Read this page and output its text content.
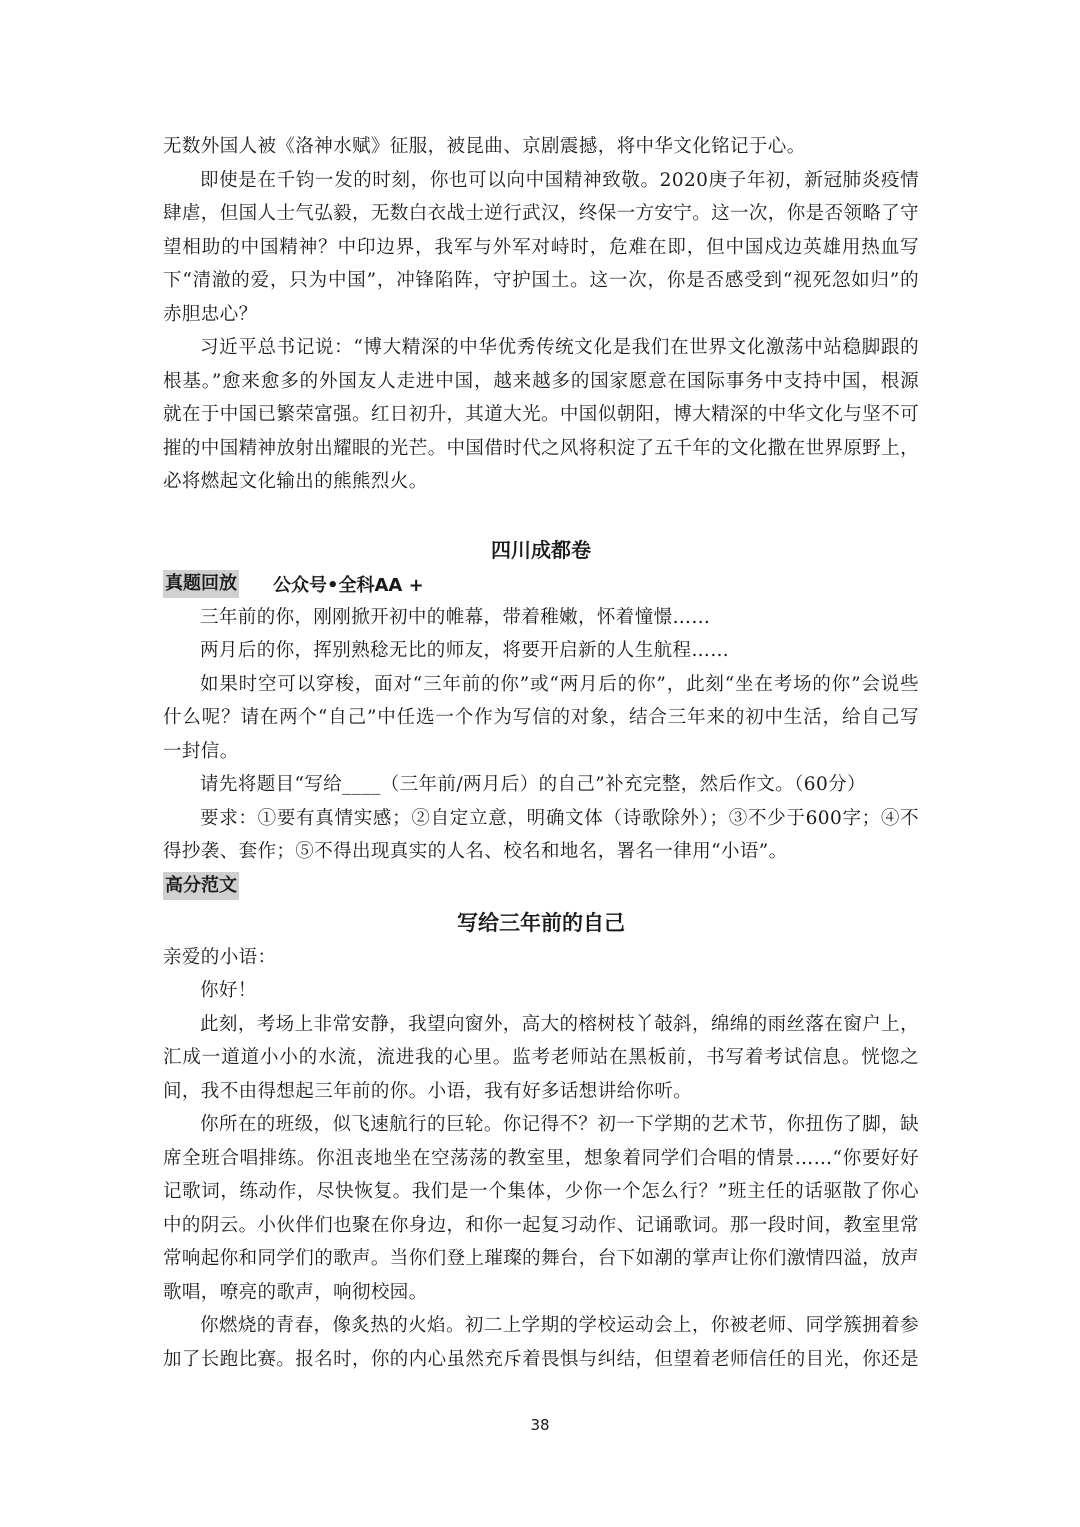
无数外国人被《洛神水赋》征服，被昆曲、京剧震撼，将中华文化铭记于心。

即使是在千钧一发的时刻，你也可以向中国精神致敬。2020庚子年初，新冠肺炎疫情肆虐，但国人士气弘毅，无数白衣战士逆行武汉，终保一方安宁。这一次，你是否领略了守望相助的中国精神？中印边界，我军与外军对峙时，危难在即，但中国戍边英雄用热血写下“清澈的爱，只为中国”，冲锋陷阵，守护国土。这一次，你是否感受到“视死忽如归”的赤胆忠心？

习近平总书记说：“博大精深的中华优秀传统文化是我们在世界文化激荡中站稳脚跟的根基。”愈来愈多的外国友人走进中国，越来越多的国家愿意在国际事务中支持中国，根源就在于中国已繁荣富强。红日初升，其道大光。中国似朝阳，博大精深的中华文化与坚不可摧的中国精神放射出耀眼的光芒。中国借时代之风将积淀了五千年的文化撒在世界原野上，必将燃起文化输出的熊熊烈火。

四川成都卷
真题回放 公众号•全科AA +

三年前的你，刚刚掀开初中的帷幕，带着稚嫩，怀着憧憬……

两月后的你，挥别熟稔无比的师友，将要开启新的人生航程……

如果时空可以穿梭，面对“三年前的你”或“两月后的你”，此刻“坐在考场的你”会说些什么呢？请在两个“自己”中任选一个作为写信的对象，结合三年来的初中生活，给自己写一封信。

请先将题目“写给____（三年前/两月后）的自己”补充完整，然后作文。（60分）

要求：①要有真情实感；②自定立意，明确文体（诗歌除外）；③不少于600字；④不得抄袭、套作；⑤不得出现真实的人名、校名和地名，署名一律用“小语”。

高分范文
写给三年前的自己

亲爱的小语：

你好！

此刻，考场上非常安静，我望向窗外，高大的榕树枝丫攲斜，绵绵的雨丝落在窗户上，汇成一道道小小的水流，流进我的心里。监考老师站在黑板前，书写着考试信息。恍惚之间，我不由得想起三年前的你。小语，我有好多话想讲给你听。

你所在的班级，似飞速航行的巨轮。你记得不？初一下学期的艺术节，你扭伤了脚，缺席全班合唱排练。你沮丧地坐在空荡荡的教室里，想象着同学们合唱的情景……“你要好好记歌词，练动作，尽快恢复。我们是一个集体，少你一个怎么行？”班主任的话驱散了你心中的阴云。小伙伴们也聚在你身边，和你一起复习动作、记诵歌词。那一段时间，教室里常常响起你和同学们的歌声。当你们登上璀璨的舞台，台下如潮的掌声让你们激情四溢，放声歌唱，嘹亮的歌声，响彻校园。

你燃烧的青春，像炙热的火焰。初二上学期的学校运动会上，你被老师、同学簇拥着参加了长跑比赛。报名时，你的内心虽然充斥着畏惧与纠结，但望着老师信任的目光，你还是

38
